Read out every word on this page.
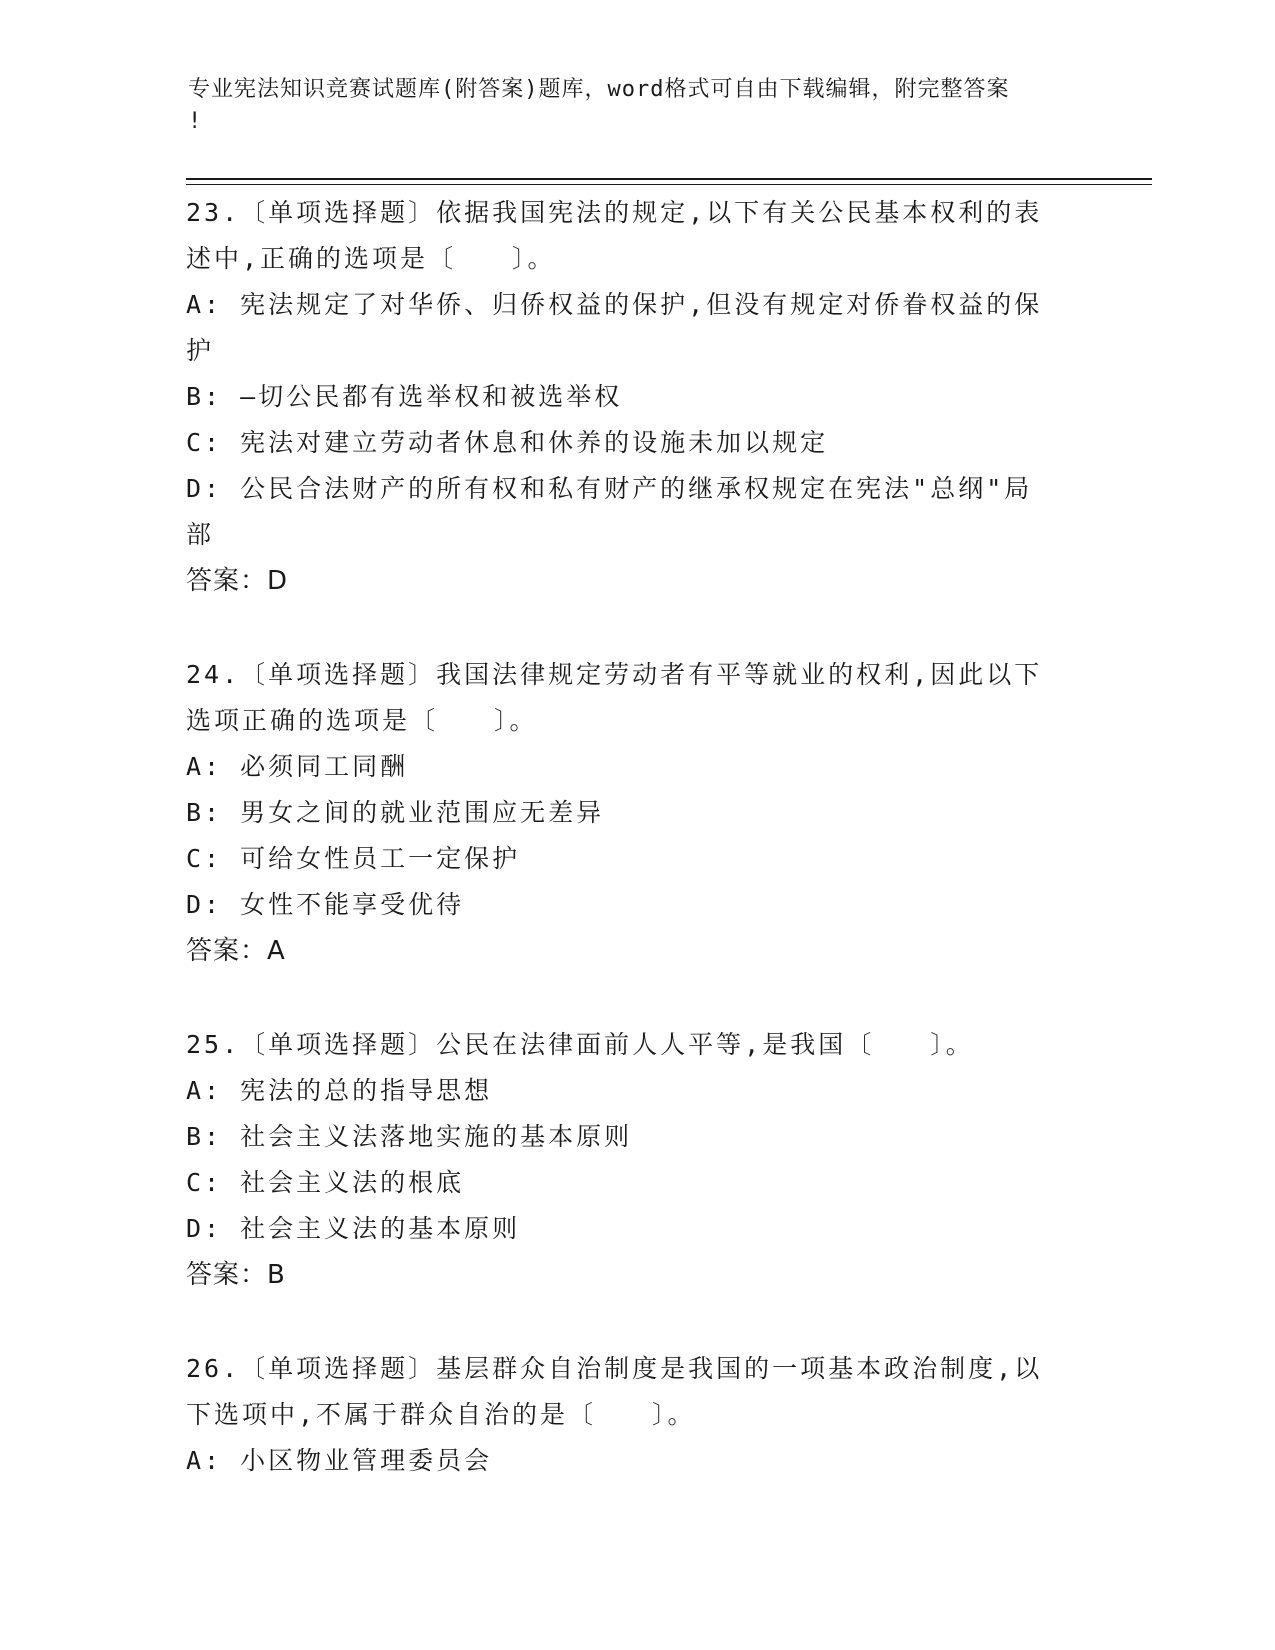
专业宪法知识竞赛试题库(附答案)题库，word格式可自由下载编辑，附完整答案
!
23.〔单项选择题〕依据我国宪法的规定,以下有关公民基本权利的表
述中,正确的选项是〔　　〕。
A: 宪法规定了对华侨、归侨权益的保护,但没有规定对侨眷权益的保
护
B: —切公民都有选举权和被选举权
C: 宪法对建立劳动者休息和休养的设施未加以规定
D: 公民合法财产的所有权和私有财产的继承权规定在宪法"总纲"局
部
答案：D
24.〔单项选择题〕我国法律规定劳动者有平等就业的权利,因此以下
选项正确的选项是〔　　〕。
A: 必须同工同酬
B: 男女之间的就业范围应无差异
C: 可给女性员工一定保护
D: 女性不能享受优待
答案：A
25.〔单项选择题〕公民在法律面前人人平等,是我国〔　　〕。
A: 宪法的总的指导思想
B: 社会主义法落地实施的基本原则
C: 社会主义法的根底
D: 社会主义法的基本原则
答案：B
26.〔单项选择题〕基层群众自治制度是我国的一项基本政治制度,以
下选项中,不属于群众自治的是〔　　〕。
A: 小区物业管理委员会
